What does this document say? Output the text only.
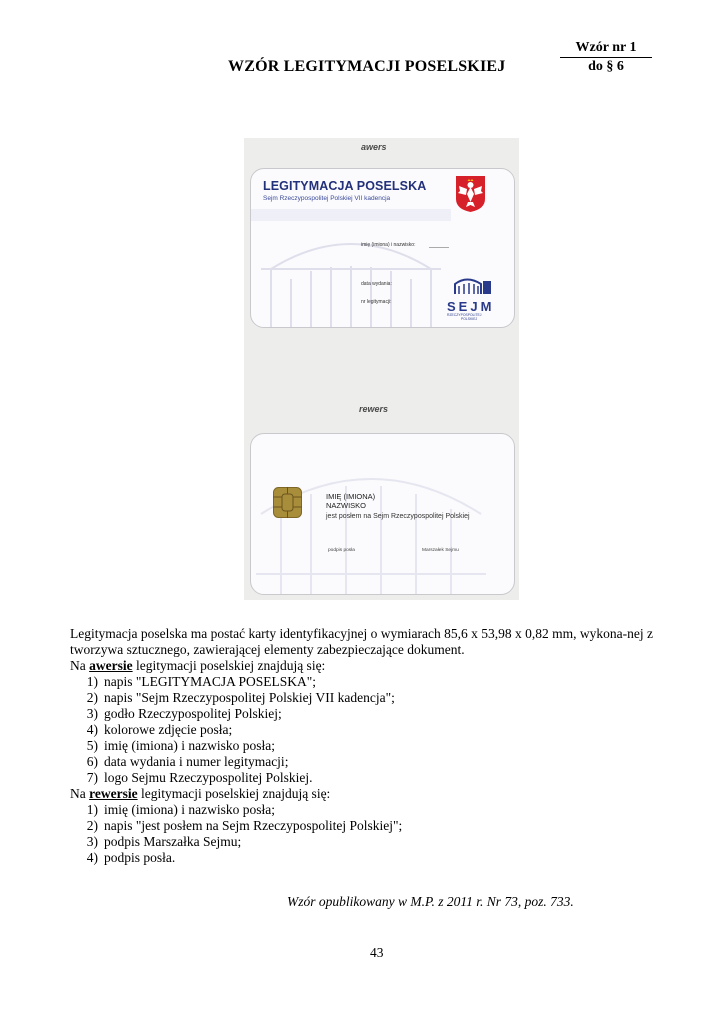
Wzór nr 1
do § 6
WZÓR LEGITYMACJI POSELSKIEJ
awers
LEGITYMACJA POSELSKA
Sejm Rzeczypospolitej Polskiej VII kadencja
imię (imiona) i nazwisko:
data wydania:
nr legitymacji:	SEJM
RZECZYPOSPOLITEJ
POLSKIEJ
rewers
IMIĘ (IMIONA)
NAZWISKO
jest posłem na Sejm Rzeczypospolitej Polskiej
podpis posła	Marszałek Sejmu

Legitymacja poselska ma postać karty identyfikacyjnej o wymiarach 85,6 x 53,98 x 0,82 mm, wykona-nej z tworzywa sztucznego, zawierającej elementy zabezpieczające dokument.

Na awersie legitymacji poselskiej znajdują się:

1) napis "LEGITYMACJA POSELSKA";
2) napis "Sejm Rzeczypospolitej Polskiej VII kadencja";
3) godło Rzeczypospolitej Polskiej;
4) kolorowe zdjęcie posła;
5) imię (imiona) i nazwisko posła;
6) data wydania i numer legitymacji;
7) logo Sejmu Rzeczypospolitej Polskiej.

Na rewersie legitymacji poselskiej znajdują się:

1) imię (imiona) i nazwisko posła;
2) napis "jest posłem na Sejm Rzeczypospolitej Polskiej";
3) podpis Marszałka Sejmu;
4) podpis posła.
Wzór opublikowany w M.P. z 2011 r. Nr 73, poz. 733.
43
